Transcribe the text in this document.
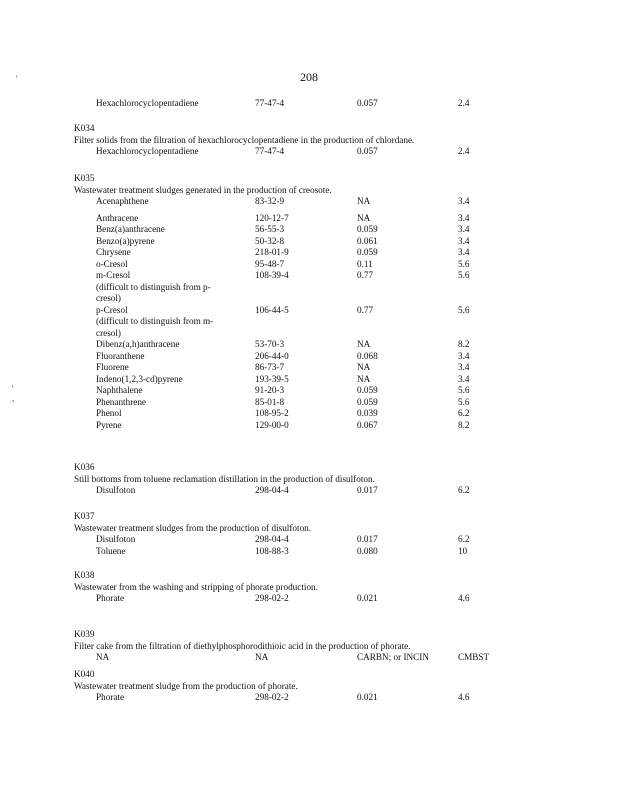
208
'
'
,
Hexachlorocyclopentadiene	77-47-4	0.057	2.4
K034
Filter solids from the filtration of hexachlorocyclopentadiene in the production of chlordane.
Hexachlorocyclopentadiene	77-47-4	0.057	2.4
K035
Wastewater treatment sludges generated in the production of creosote.
Acenaphthene	83-32-9	NA	3.4
Anthracene	120-12-7	NA	3.4
Benz(a)anthracene	56-55-3	0.059	3.4
Benzo(a)pyrene	50-32-8	0.061	3.4
Chrysene	218-01-9	0.059	3.4
o-Cresol	95-48-7	0.11	5.6
m-Cresol
(difficult to distinguish from p-
cresol)
108-39-4	0.77	5.6
p-Cresol
(difficult to distinguish from m-
cresol)
106-44-5	0.77	5.6
Dibenz(a,h)anthracene	53-70-3	NA	8.2
Fluoranthene	206-44-0	0.068	3.4
Fluorene	86-73-7	NA	3.4
Indeno(1,2,3-cd)pyrene	193-39-5	NA	3.4
Naphthalene	91-20-3	0.059	5.6
Phenanthrene	85-01-8	0.059	5.6
Phenol	108-95-2	0.039	6.2
Pyrene	129-00-0	0.067	8.2
K036
Still bottoms from toluene reclamation distillation in the production of disulfoton.
Disulfoton	298-04-4	0.017	6.2
K037
Wastewater treatment sludges from the production of disulfoton.
Disulfoton	298-04-4	0.017	6.2
Toluene	108-88-3	0.080	10
K038
Wastewater from the washing and stripping of phorate production.
Phorate	298-02-2	0.021	4.6
K039
Filter cake from the filtration of diethylphosphorodithioic acid in the production of phorate.
NA	NA	CARBN; or INCIN	CMBST
K040
Wastewater treatment sludge from the production of phorate.
Phorate	298-02-2	0.021	4.6
